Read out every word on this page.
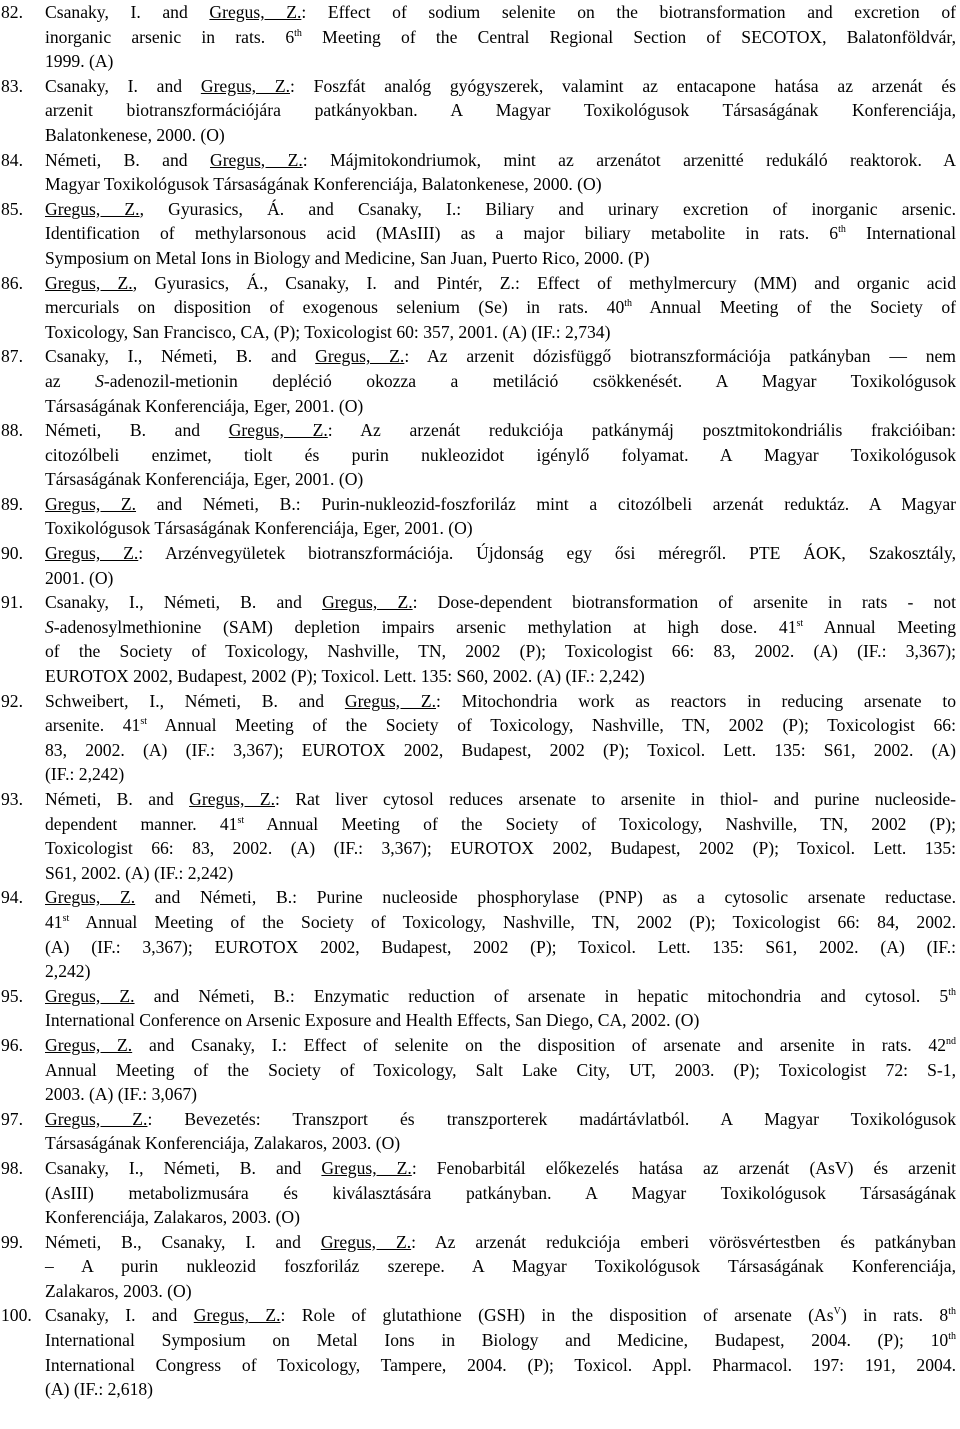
82. Csanaky, I. and Gregus, Z.: Effect of sodium selenite on the biotransformation and excretion of
inorganic arsenic in rats. 6th Meeting of the Central Regional Section of SECOTOX, Balatonföldvár,
1999. (A)
83. Csanaky, I. and Gregus, Z.: Foszfát analóg gyógyszerek, valamint az entacapone hatása az arzenát és
arzenit biotranszformációjára patkányokban. A Magyar Toxikológusok Társaságának Konferenciája,
Balatonkenese, 2000. (O)
84. Németi, B. and Gregus, Z.: Májmitokondriumok, mint az arzenátot arzenitté redukáló reaktorok. A
Magyar Toxikológusok Társaságának Konferenciája, Balatonkenese, 2000. (O)
85. Gregus, Z., Gyurasics, Á. and Csanaky, I.: Biliary and urinary excretion of inorganic arsenic.
Identification of methylarsonous acid (MAsIII) as a major biliary metabolite in rats. 6th International
Symposium on Metal Ions in Biology and Medicine, San Juan, Puerto Rico, 2000. (P)
86. Gregus, Z., Gyurasics, Á., Csanaky, I. and Pintér, Z.: Effect of methylmercury (MM) and organic acid
mercurials on disposition of exogenous selenium (Se) in rats. 40th Annual Meeting of the Society of
Toxicology, San Francisco, CA, (P); Toxicologist 60: 357, 2001. (A) (IF.: 2,734)
87. Csanaky, I., Németi, B. and Gregus, Z.: Az arzenit dózisfüggő biotranszformációja patkányban — nem
az S-adenozil-metionin depléció okozza a metiláció csökkenését. A Magyar Toxikológusok
Társaságának Konferenciája, Eger, 2001. (O)
88. Németi, B. and Gregus, Z.: Az arzenát redukciója patkánymáj posztmitokondriális frakcióiban:
citozólbeli enzimet, tiolt és purin nukleozidot igénylő folyamat. A Magyar Toxikológusok
Társaságának Konferenciája, Eger, 2001. (O)
89. Gregus, Z. and Németi, B.: Purin-nukleozid-foszforiláz mint a citozólbeli arzenát reduktáz. A Magyar
Toxikológusok Társaságának Konferenciája, Eger, 2001. (O)
90. Gregus, Z.: Arzénvegyületek biotranszformációja. Újdonság egy ősi méregről. PTE ÁOK, Szakosztály,
2001. (O)
91. Csanaky, I., Németi, B. and Gregus, Z.: Dose-dependent biotransformation of arsenite in rats - not
S-adenosylmethionine (SAM) depletion impairs arsenic methylation at high dose. 41st Annual Meeting
of the Society of Toxicology, Nashville, TN, 2002 (P); Toxicologist 66: 83, 2002. (A) (IF.: 3,367);
EUROTOX 2002, Budapest, 2002 (P); Toxicol. Lett. 135: S60, 2002. (A) (IF.: 2,242)
92. Schweibert, I., Németi, B. and Gregus, Z.: Mitochondria work as reactors in reducing arsenate to
arsenite. 41st Annual Meeting of the Society of Toxicology, Nashville, TN, 2002 (P); Toxicologist 66:
83, 2002. (A) (IF.: 3,367); EUROTOX 2002, Budapest, 2002 (P); Toxicol. Lett. 135: S61, 2002. (A)
(IF.: 2,242)
93. Németi, B. and Gregus, Z.: Rat liver cytosol reduces arsenate to arsenite in thiol- and purine nucleoside-
dependent manner. 41st Annual Meeting of the Society of Toxicology, Nashville, TN, 2002 (P);
Toxicologist 66: 83, 2002. (A) (IF.: 3,367); EUROTOX 2002, Budapest, 2002 (P); Toxicol. Lett. 135:
S61, 2002. (A) (IF.: 2,242)
94. Gregus, Z. and Németi, B.: Purine nucleoside phosphorylase (PNP) as a cytosolic arsenate reductase.
41st Annual Meeting of the Society of Toxicology, Nashville, TN, 2002 (P); Toxicologist 66: 84, 2002.
(A) (IF.: 3,367); EUROTOX 2002, Budapest, 2002 (P); Toxicol. Lett. 135: S61, 2002. (A) (IF.:
2,242)
95. Gregus, Z. and Németi, B.: Enzymatic reduction of arsenate in hepatic mitochondria and cytosol. 5th
International Conference on Arsenic Exposure and Health Effects, San Diego, CA, 2002. (O)
96. Gregus, Z. and Csanaky, I.: Effect of selenite on the disposition of arsenate and arsenite in rats. 42nd
Annual Meeting of the Society of Toxicology, Salt Lake City, UT, 2003. (P); Toxicologist 72: S-1,
2003. (A) (IF.: 3,067)
97. Gregus, Z.: Bevezetés: Transzport és transzporterek madártávlatból. A Magyar Toxikológusok
Társaságának Konferenciája, Zalakaros, 2003. (O)
98. Csanaky, I., Németi, B. and Gregus, Z.: Fenobarbitál előkezelés hatása az arzenát (AsV) és arzenit
(AsIII) metabolizmusára és kiválasztására patkányban. A Magyar Toxikológusok Társaságának
Konferenciája, Zalakaros, 2003. (O)
99. Németi, B., Csanaky, I. and Gregus, Z.: Az arzenát redukciója emberi vörösvértestben és patkányban
– A purin nukleozid foszforiláz szerepe. A Magyar Toxikológusok Társaságának Konferenciája,
Zalakaros, 2003. (O)
100. Csanaky, I. and Gregus, Z.: Role of glutathione (GSH) in the disposition of arsenate $(As^V)$ in rats. 8th
International Symposium on Metal Ions in Biology and Medicine, Budapest, 2004. (P); 10th
International Congress of Toxicology, Tampere, 2004. (P); Toxicol. Appl. Pharmacol. 197: 191, 2004.
(A) (IF.: 2,618)
